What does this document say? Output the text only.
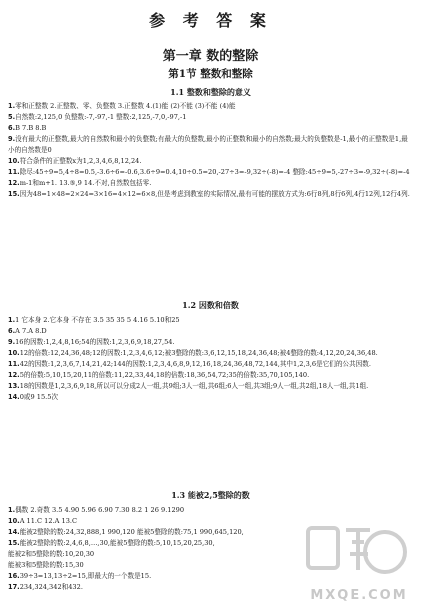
参 考 答 案
第一章 数的整除
第1节 整数和整除
1.1 整数和整除的意义
1.零和正整数 2.正整数、零、负整数 3.正整数 4.(1)能 (2)不能 (3)不能 (4)能
5.自然数:2,125,0 负整数:-7,-97,-1 整数:2,125,-7,0,-97,-1
6.B 7.B 8.B
9.没有最大的正整数,最大的自然数和最小的负整数;有最大的负整数,最小的正整数和最小的自然数;最大的负整数是-1,最小的正整数是1,最小的自然数是0
10.符合条件的正整数x为1,2,3,4,6,8,12,24.
11.除尽:45÷9=5,4÷8=0.5,-3.6÷6=-0.6,3.6÷9=0.4,10÷0.5=20,-27÷3=-9,32÷(-8)=-4 整除:45÷9=5,-27÷3=-9,32÷(-8)=-4
12.m-1和m+1. 13.⑤,9 14.不对,自然数包括零.
15.因为48=1×48=2×24=3×16=4×12=6×8,但是考虑到教室的实际情况,最有可能的摆放方式为:6行8列,8行6列,4行12列,12行4列.
1.2 因数和倍数
1.1 它本身 2.它本身 不存在 3.5 35 35 5 4.16 5.10和25
6.A 7.A 8.D
9.16的因数:1,2,4,8,16;54的因数:1,2,3,6,9,18,27,54.
10.12的倍数:12,24,36,48;12的因数:1,2,3,4,6,12;被3整除的数:3,6,12,15,18,24,36,48;被4整除的数:4,12,20,24,36,48.
11.42的因数:1,2,3,6,7,14,21,42;144的因数:1,2,3,4,6,8,9,12,16,18,24,36,48,72,144,其中1,2,3,6是它们的公共因数.
12.5的倍数:5,10,15,20,11的倍数:11,22,33,44,18的倍数:18,36,54,72;35的倍数:35,70,105,140.
13.18的因数是1,2,3,6,9,18,所以可以分成2人一组,共9组;3人一组,共6组;6人一组,共3组;9人一组,共2组,18人一组,共1组.
14.0或9 15.5次
1.3 能被2,5整除的数
1.偶数 2.奇数 3.5 4.90 5.96 6.90 7.30 8.2 1 26 9.1290
10.A 11.C 12.A 13.C
14.能被2整除的数:24,32,888,1 990,120 能被5整除的数:75,1 990,645,120,
15.能被2整除的数:2,4,6,8,…,30,能被5整除的数:5,10,15,20,25,30,
能被2和5整除的数:10,20,30
能被3和5整除的数:15,30
16.39÷3=13,13÷2=15,即最大的一个数是15.
17.234,324,342和432.
MXQE.COM
